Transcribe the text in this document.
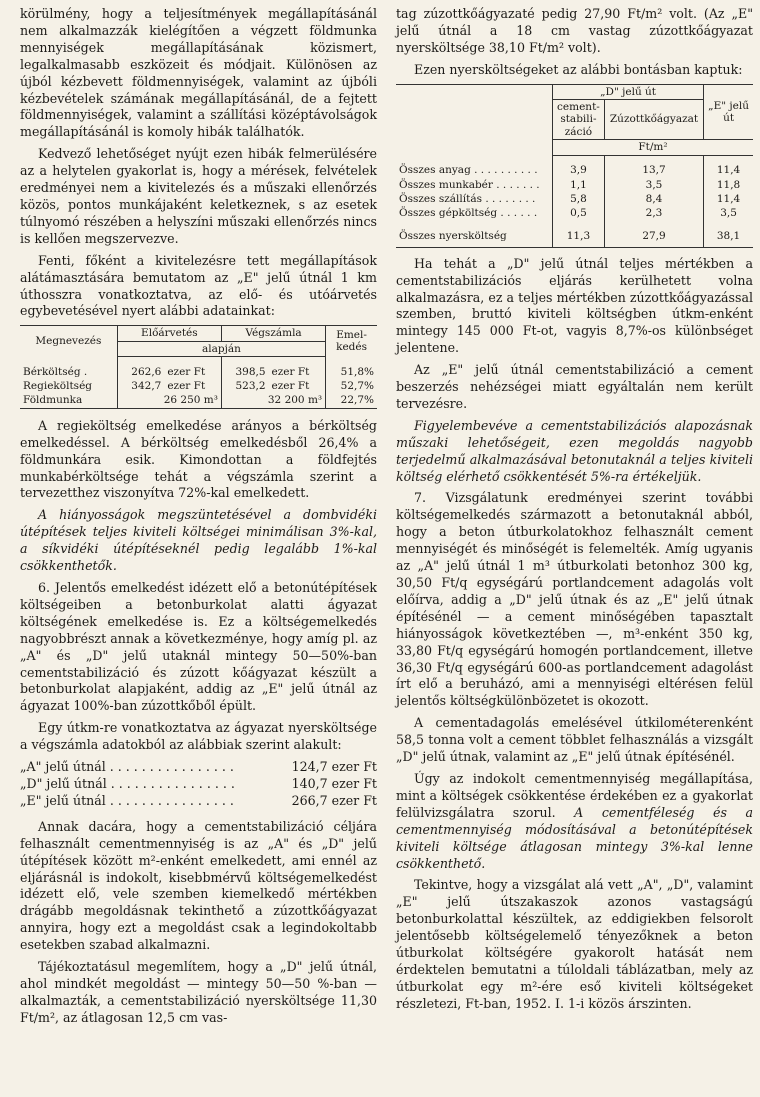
körülmény, hogy a teljesítmények megállapításánál nem alkalmazzák kielégítően a végzett földmunka mennyiségek megállapításának közismert, legalkalmasabb eszközeit és módjait. Különösen az újból kézbevett földmennyiségek, valamint az újbóli kézbevételek számának megállapításánál, de a fejtett földmennyiségek, valamint a szállítási középtávolságok megállapításánál is komoly hibák találhatók.

Kedvező lehetőséget nyújt ezen hibák felmerülésére az a helytelen gyakorlat is, hogy a mérések, felvételek eredményei nem a kivitelezés és a műszaki ellenőrzés közös, pontos munkájaként keletkeznek, s az esetek túlnyomó részében a helyszíni műszaki ellenőrzés nincs is kellően megszervezve.

Fenti, főként a kivitelezésre tett megállapítások alátámasztására bemutatom az „E" jelű útnál 1 km úthosszra vonatkoztatva, az elő- és utóárvetés egybevetésével nyert alábbi adatainkat:

Megnevezés	Előárvetés		Végszámla		Emel-
kedés
	alapján				

Bérköltség .	262,6	ezer Ft	398,5	ezer Ft	51,8%
Regieköltség	342,7	ezer Ft	523,2	ezer Ft	52,7%
Földmunka	26 250 m³		32 200 m³		22,7%

A regieköltség emelkedése arányos a bérköltség emelkedéssel. A bérköltség emelkedésből 26,4% a földmunkára esik. Kimondottan a földfejtés munkabérköltsége tehát a végszámla szerint a tervezetthez viszonyítva 72%-kal emelkedett.

A hiányosságok megszüntetésével a dombvidéki útépítések teljes kiviteli költségei minimálisan 3%-kal, a síkvidéki útépítéseknél pedig legalább 1%-kal csökkenthetők.

6. Jelentős emelkedést idézett elő a betonútépítések költségeiben a betonburkolat alatti ágyazat költségének emelkedése is. Ez a költségemelkedés nagyobbrészt annak a következménye, hogy amíg pl. az „A" és „D" jelű utaknál mintegy 50—50%-ban cementstabilizáció és zúzott kőágyazat készült a betonburkolat alapjaként, addig az „E" jelű útnál az ágyazat 100%-ban zúzottkőből épült.

Egy útkm-re vonatkoztatva az ágyazat nyersköltsége a végszámla adatokból az alábbiak szerint alakult:

„A" jelű útnál . . . . . . . . . . . . . . . .	124,7 ezer Ft
„D" jelű útnál . . . . . . . . . . . . . . . .	140,7 ezer Ft
„E" jelű útnál . . . . . . . . . . . . . . . .	266,7 ezer Ft

Annak dacára, hogy a cementstabilizáció céljára felhasznált cementmennyiség is az „A" és „D" jelű útépítések között m²-enként emelkedett, ami ennél az eljárásnál is indokolt, kisebbmérvű költségemelkedést idézett elő, vele szemben kiemelkedő mértékben drágább megoldásnak tekinthető a zúzottkőágyazat annyira, hogy ezt a megoldást csak a legindokoltabb esetekben szabad alkalmazni.

Tájékoztatásul megemlítem, hogy a „D" jelű útnál, ahol mindkét megoldást — mintegy 50—50 %-ban — alkalmazták, a cementstabilizáció nyersköltsége 11,30 Ft/m², az átlagosan 12,5 cm vas-

tag zúzottkőágyazaté pedig 27,90 Ft/m² volt. (Az „E" jelű útnál a 18 cm vastag zúzottkőágyazat nyersköltsége 38,10 Ft/m² volt).

Ezen nyersköltségeket az alábbi bontásban kaptuk:

	„D" jelű út		„E" jelű
út
	cement-
stabili-
záció	Zúzottkőágyazat	
	Ft/m²		

Összes anyag . . . . . . . . . .	3,9	13,7	11,4
Összes munkabér . . . . . . .	1,1	3,5	11,8
Összes szállítás . . . . . . . .	5,8	8,4	11,4
Összes gépköltség . . . . . .	0,5	2,3	3,5

Összes nyersköltség	11,3	27,9	38,1

Ha tehát a „D" jelű útnál teljes mértékben a cementstabilizációs eljárás kerülhetett volna alkalmazásra, ez a teljes mértékben zúzottkőágyazással szemben, bruttó kiviteli költségben útkm-enként mintegy 145 000 Ft-ot, vagyis 8,7%-os különbséget jelentene.

Az „E" jelű útnál cementstabilizáció a cement beszerzés nehézségei miatt egyáltalán nem került tervezésre.

Figyelembevéve a cementstabilizációs alapozásnak műszaki lehetőségeit, ezen megoldás nagyobb terjedelmű alkalmazásával betonutaknál a teljes kiviteli költség elérhető csökkentését 5%-ra értékeljük.

7. Vizsgálatunk eredményei szerint további költségemelkedés származott a betonutaknál abból, hogy a beton útburkolatokhoz felhasznált cement mennyiségét és minőségét is felemelték. Amíg ugyanis az „A" jelű útnál 1 m³ útburkolati betonhoz 300 kg, 30,50 Ft/q egységárú portlandcement adagolás volt előírva, addig a „D" jelű útnak és az „E" jelű útnak építésénél — a cement minőségében tapasztalt hiányosságok következtében —, m³-enként 350 kg, 33,80 Ft/q egységárú homogén portlandcement, illetve 36,30 Ft/q egységárú 600-as portlandcement adagolást írt elő a beruházó, ami a mennyiségi eltérésen felül jelentős költségkülönbözetet is okozott.

A cementadagolás emelésével útkilométerenként 58,5 tonna volt a cement többlet felhasználás a vizsgált „D" jelű útnak, valamint az „E" jelű útnak építésénél.

Úgy az indokolt cementmennyiség megállapítása, mint a költségek csökkentése érdekében ez a gyakorlat felülvizsgálatra szorul. A cementféleség és a cementmennyiség módosításával a betonútépítések kiviteli költsége átlagosan mintegy 3%-kal lenne csökkenthető.

Tekintve, hogy a vizsgálat alá vett „A", „D", valamint „E" jelű útszakaszok azonos vastagságú betonburkolattal készültek, az eddigiekben felsorolt jelentősebb költségelemelő tényezőknek a beton útburkolat költségére gyakorolt hatását nem érdektelen bemutatni a túloldali táblázatban, mely az útburkolat egy m²-ére eső kiviteli költségeket részletezi, Ft-ban, 1952. I. 1-i közös árszinten.
